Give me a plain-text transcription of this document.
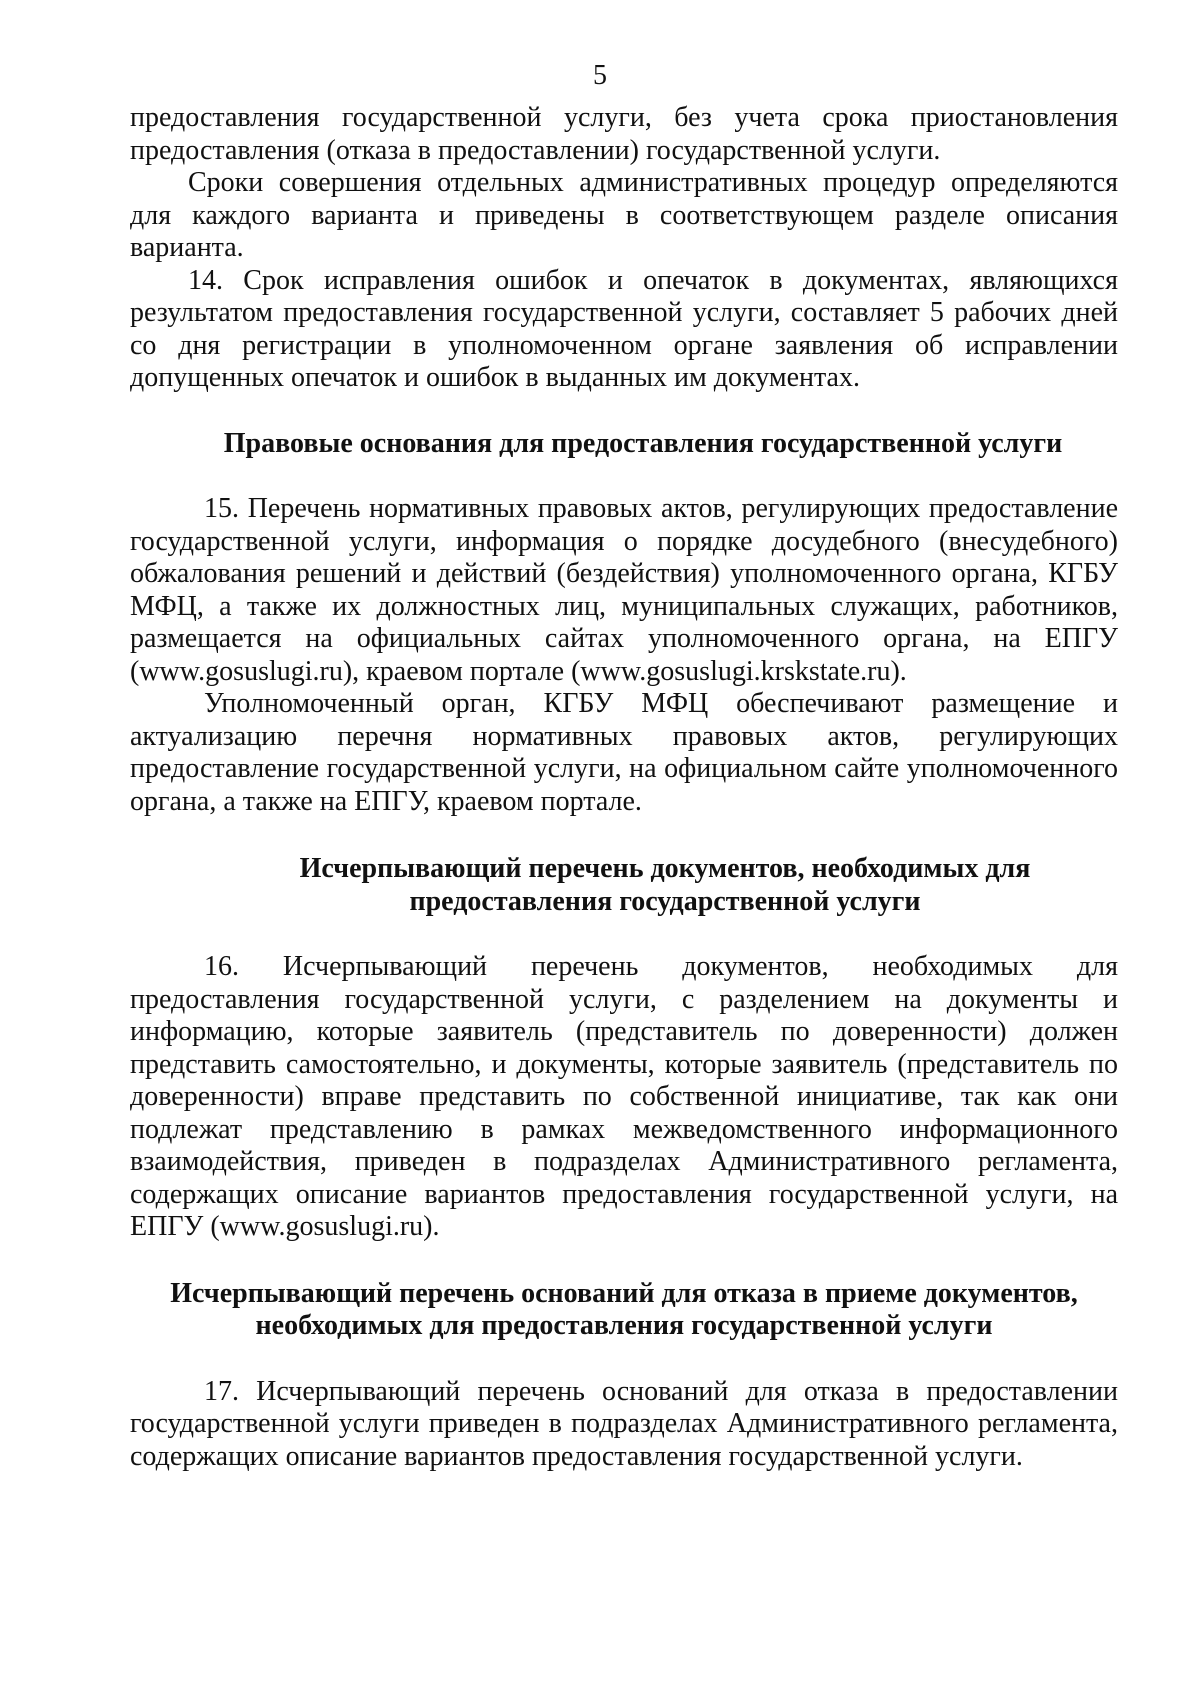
5

предоставления государственной услуги, без учета срока приостановления предоставления (отказа в предоставлении) государственной услуги.

Сроки совершения отдельных административных процедур определяются для каждого варианта и приведены в соответствующем разделе описания варианта.

14. Срок исправления ошибок и опечаток в документах, являющихся результатом предоставления государственной услуги, составляет 5 рабочих дней со дня регистрации в уполномоченном органе заявления об исправлении допущенных опечаток и ошибок в выданных им документах.

Правовые основания для предоставления государственной услуги

15. Перечень нормативных правовых актов, регулирующих предоставление государственной услуги, информация о порядке досудебного (внесудебного) обжалования решений и действий (бездействия) уполномоченного органа, КГБУ МФЦ, а также их должностных лиц, муниципальных служащих, работников, размещается на официальных сайтах уполномоченного органа, на ЕПГУ (www.gosuslugi.ru), краевом портале (www.gosuslugi.krskstate.ru).

Уполномоченный орган, КГБУ МФЦ обеспечивают размещение и актуализацию перечня нормативных правовых актов, регулирующих предоставление государственной услуги, на официальном сайте уполномоченного органа, а также на ЕПГУ, краевом портале.

Исчерпывающий перечень документов, необходимых для
предоставления государственной услуги

16. Исчерпывающий перечень документов, необходимых для предоставления государственной услуги, с разделением на документы и информацию, которые заявитель (представитель по доверенности) должен представить самостоятельно, и документы, которые заявитель (представитель по доверенности) вправе представить по собственной инициативе, так как они подлежат представлению в рамках межведомственного информационного взаимодействия, приведен в подразделах Административного регламента, содержащих описание вариантов предоставления государственной услуги, на ЕПГУ (www.gosuslugi.ru).

Исчерпывающий перечень оснований для отказа в приеме документов,
необходимых для предоставления государственной услуги

17. Исчерпывающий перечень оснований для отказа в предоставлении государственной услуги приведен в подразделах Административного регламента, содержащих описание вариантов предоставления государственной услуги.
